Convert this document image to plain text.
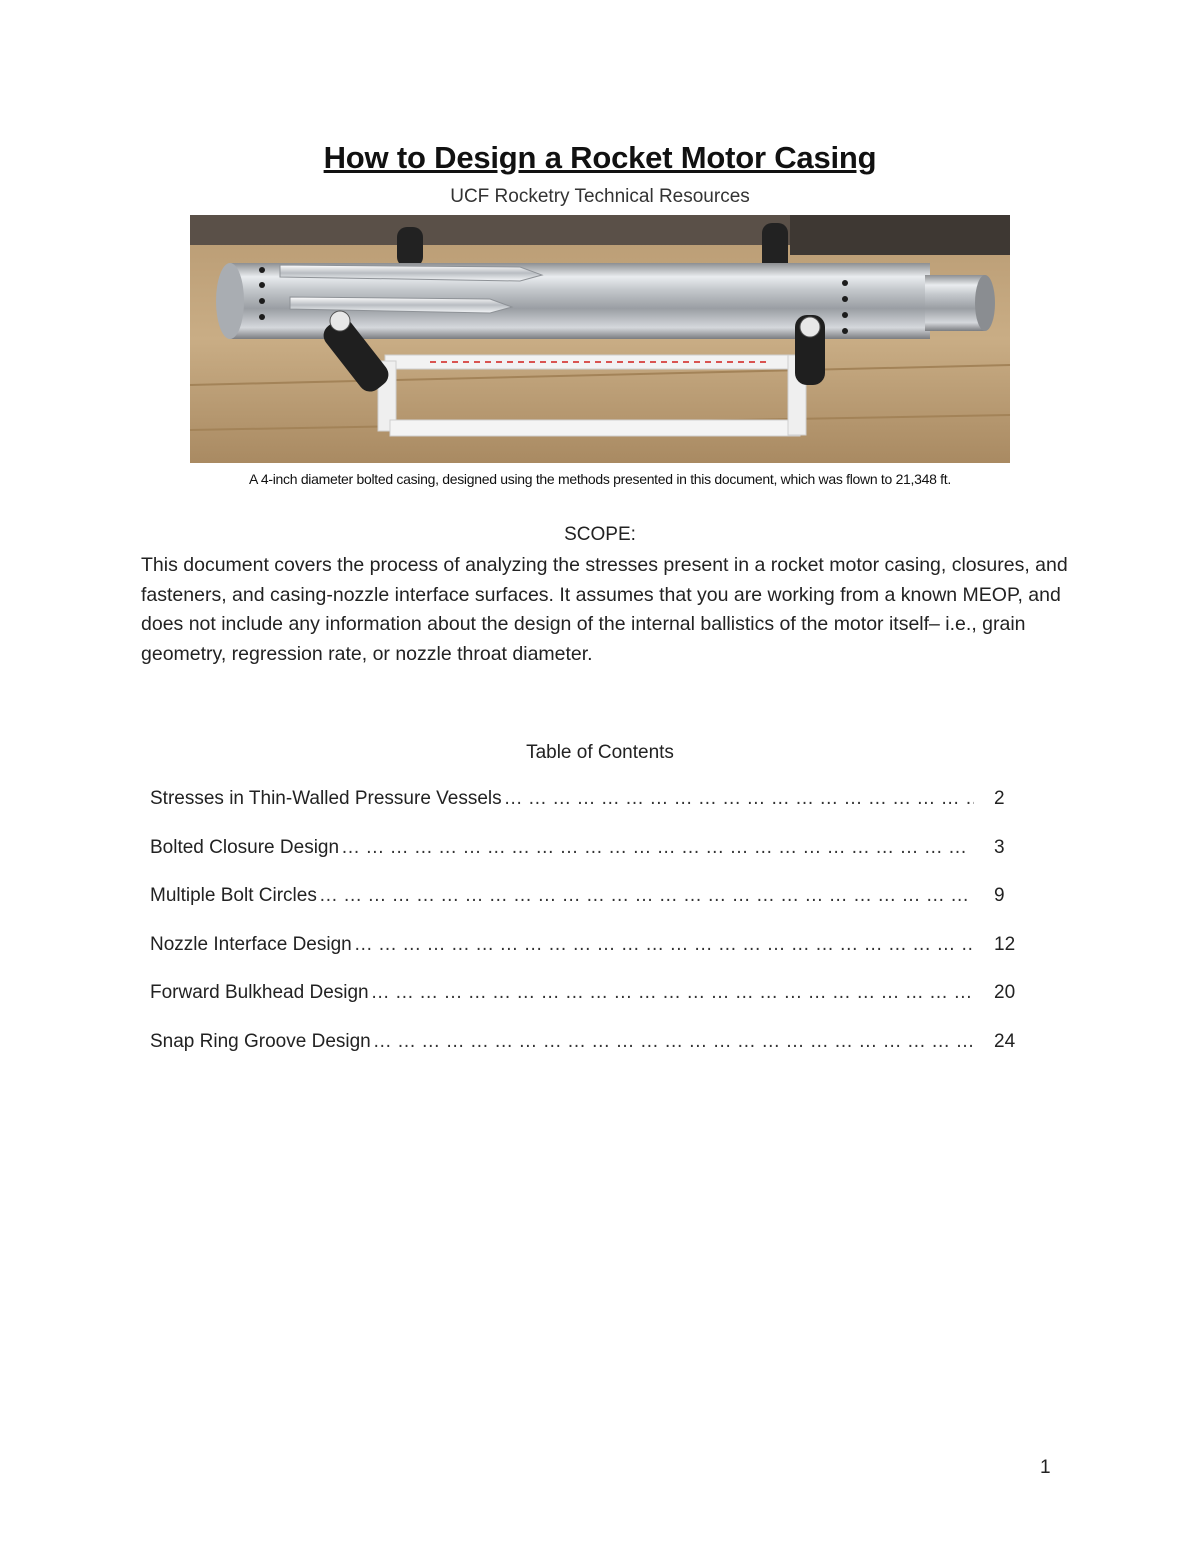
How to Design a Rocket Motor Casing
UCF Rocketry Technical Resources
A 4-inch diameter bolted casing, designed using the methods presented in this document, which was flown to 21,348 ft.
SCOPE:
This document covers the process of analyzing the stresses present in a rocket motor casing, closures, and fasteners, and casing-nozzle interface surfaces. It assumes that you are working from a known MEOP, and does not include any information about the design of the internal ballistics of the motor itself– i.e., grain geometry, regression rate, or nozzle throat diameter.
Table of Contents
Stresses in Thin-Walled Pressure Vessels … … … … … … … … … … … … … … … … … … … … … … … … … … … … … … … … … … … … … … … … … … … … … … … … … … … … …	2
Bolted Closure Design … … … … … … … … … … … … … … … … … … … … … … … … … … … … … … … … … … … … … … … … … … … … … … … … … … … … …	3
Multiple Bolt Circles … … … … … … … … … … … … … … … … … … … … … … … … … … … … … … … … … … … … … … … … … … … … … … … … … … … … …	9
Nozzle Interface Design … … … … … … … … … … … … … … … … … … … … … … … … … … … … … … … … … … … … … … … … … … … … … … … … … … … … …	12
Forward Bulkhead Design … … … … … … … … … … … … … … … … … … … … … … … … … … … … … … … … … … … … … … … … … … … … … … … … … … … … …	20
Snap Ring Groove Design … … … … … … … … … … … … … … … … … … … … … … … … … … … … … … … … … … … … … … … … … … … … … … … … … … … … …	24
1
